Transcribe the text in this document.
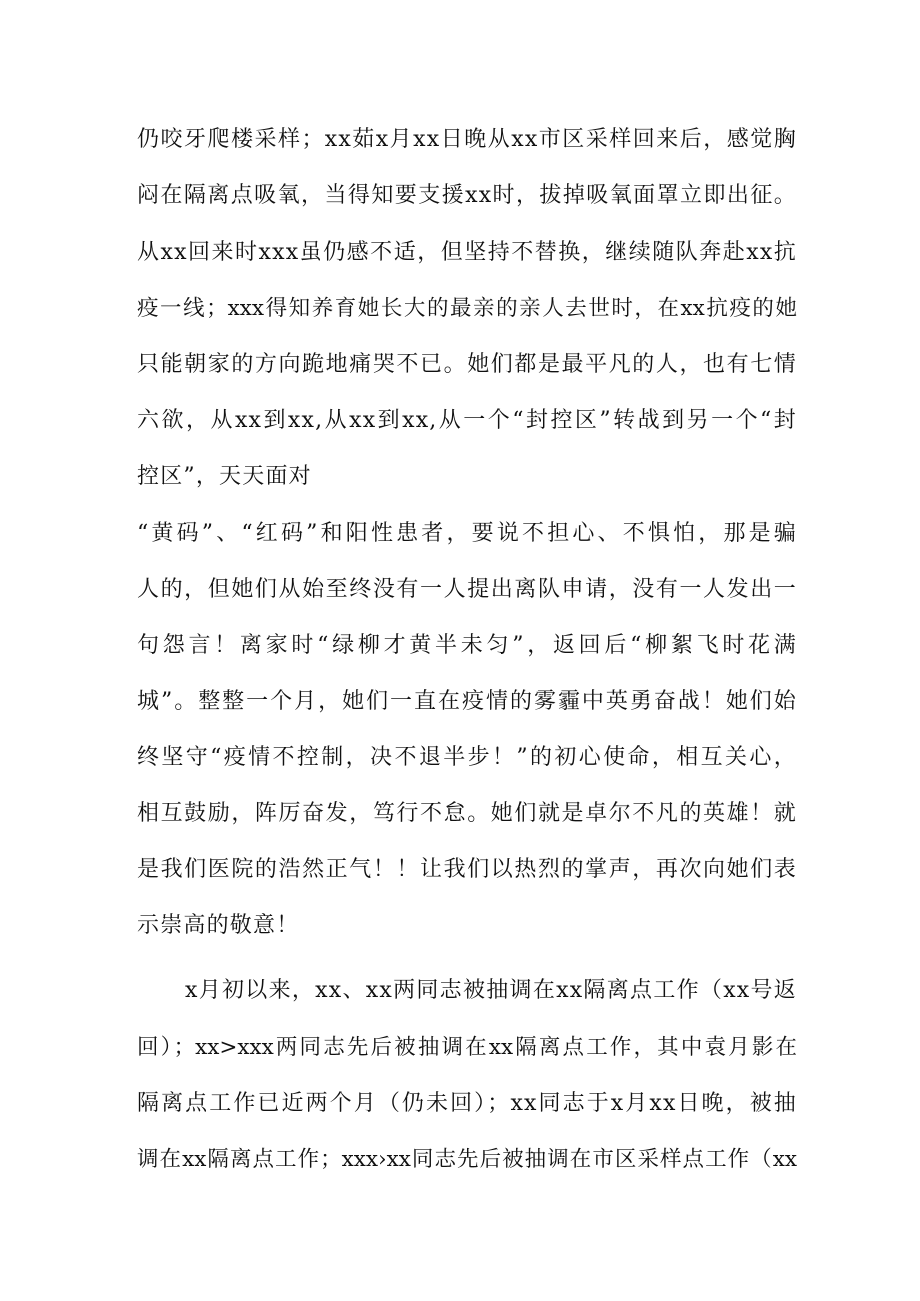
仍咬牙爬楼采样；xx茹x月xx日晚从xx市区采样回来后，感觉胸
闷在隔离点吸氧，当得知要支援xx时，拔掉吸氧面罩立即出征。
从xx回来时xxx虽仍感不适，但坚持不替换，继续随队奔赴xx抗
疫一线；xxx得知养育她长大的最亲的亲人去世时，在xx抗疫的她
只能朝家的方向跪地痛哭不已。她们都是最平凡的人，也有七情
六欲，从xx到xx,从xx到xx,从一个“封控区”转战到另一个“封
控区”，天天面对
“黄码”、“红码”和阳性患者，要说不担心、不惧怕，那是骗
人的，但她们从始至终没有一人提出离队申请，没有一人发出一
句怨言！离家时“绿柳才黄半未匀”，返回后“柳絮飞时花满
城”。整整一个月，她们一直在疫情的雾霾中英勇奋战！她们始
终坚守“疫情不控制，决不退半步！”的初心使命，相互关心，
相互鼓励，阵厉奋发，笃行不怠。她们就是卓尔不凡的英雄！就
是我们医院的浩然正气！！让我们以热烈的掌声，再次向她们表
示崇高的敬意！
x月初以来，xx、xx两同志被抽调在xx隔离点工作（xx号返
回）；xx>xxx两同志先后被抽调在xx隔离点工作，其中袁月影在
隔离点工作已近两个月（仍未回）；xx同志于x月xx日晚，被抽
调在xx隔离点工作；xxx›xx同志先后被抽调在市区采样点工作（xx
